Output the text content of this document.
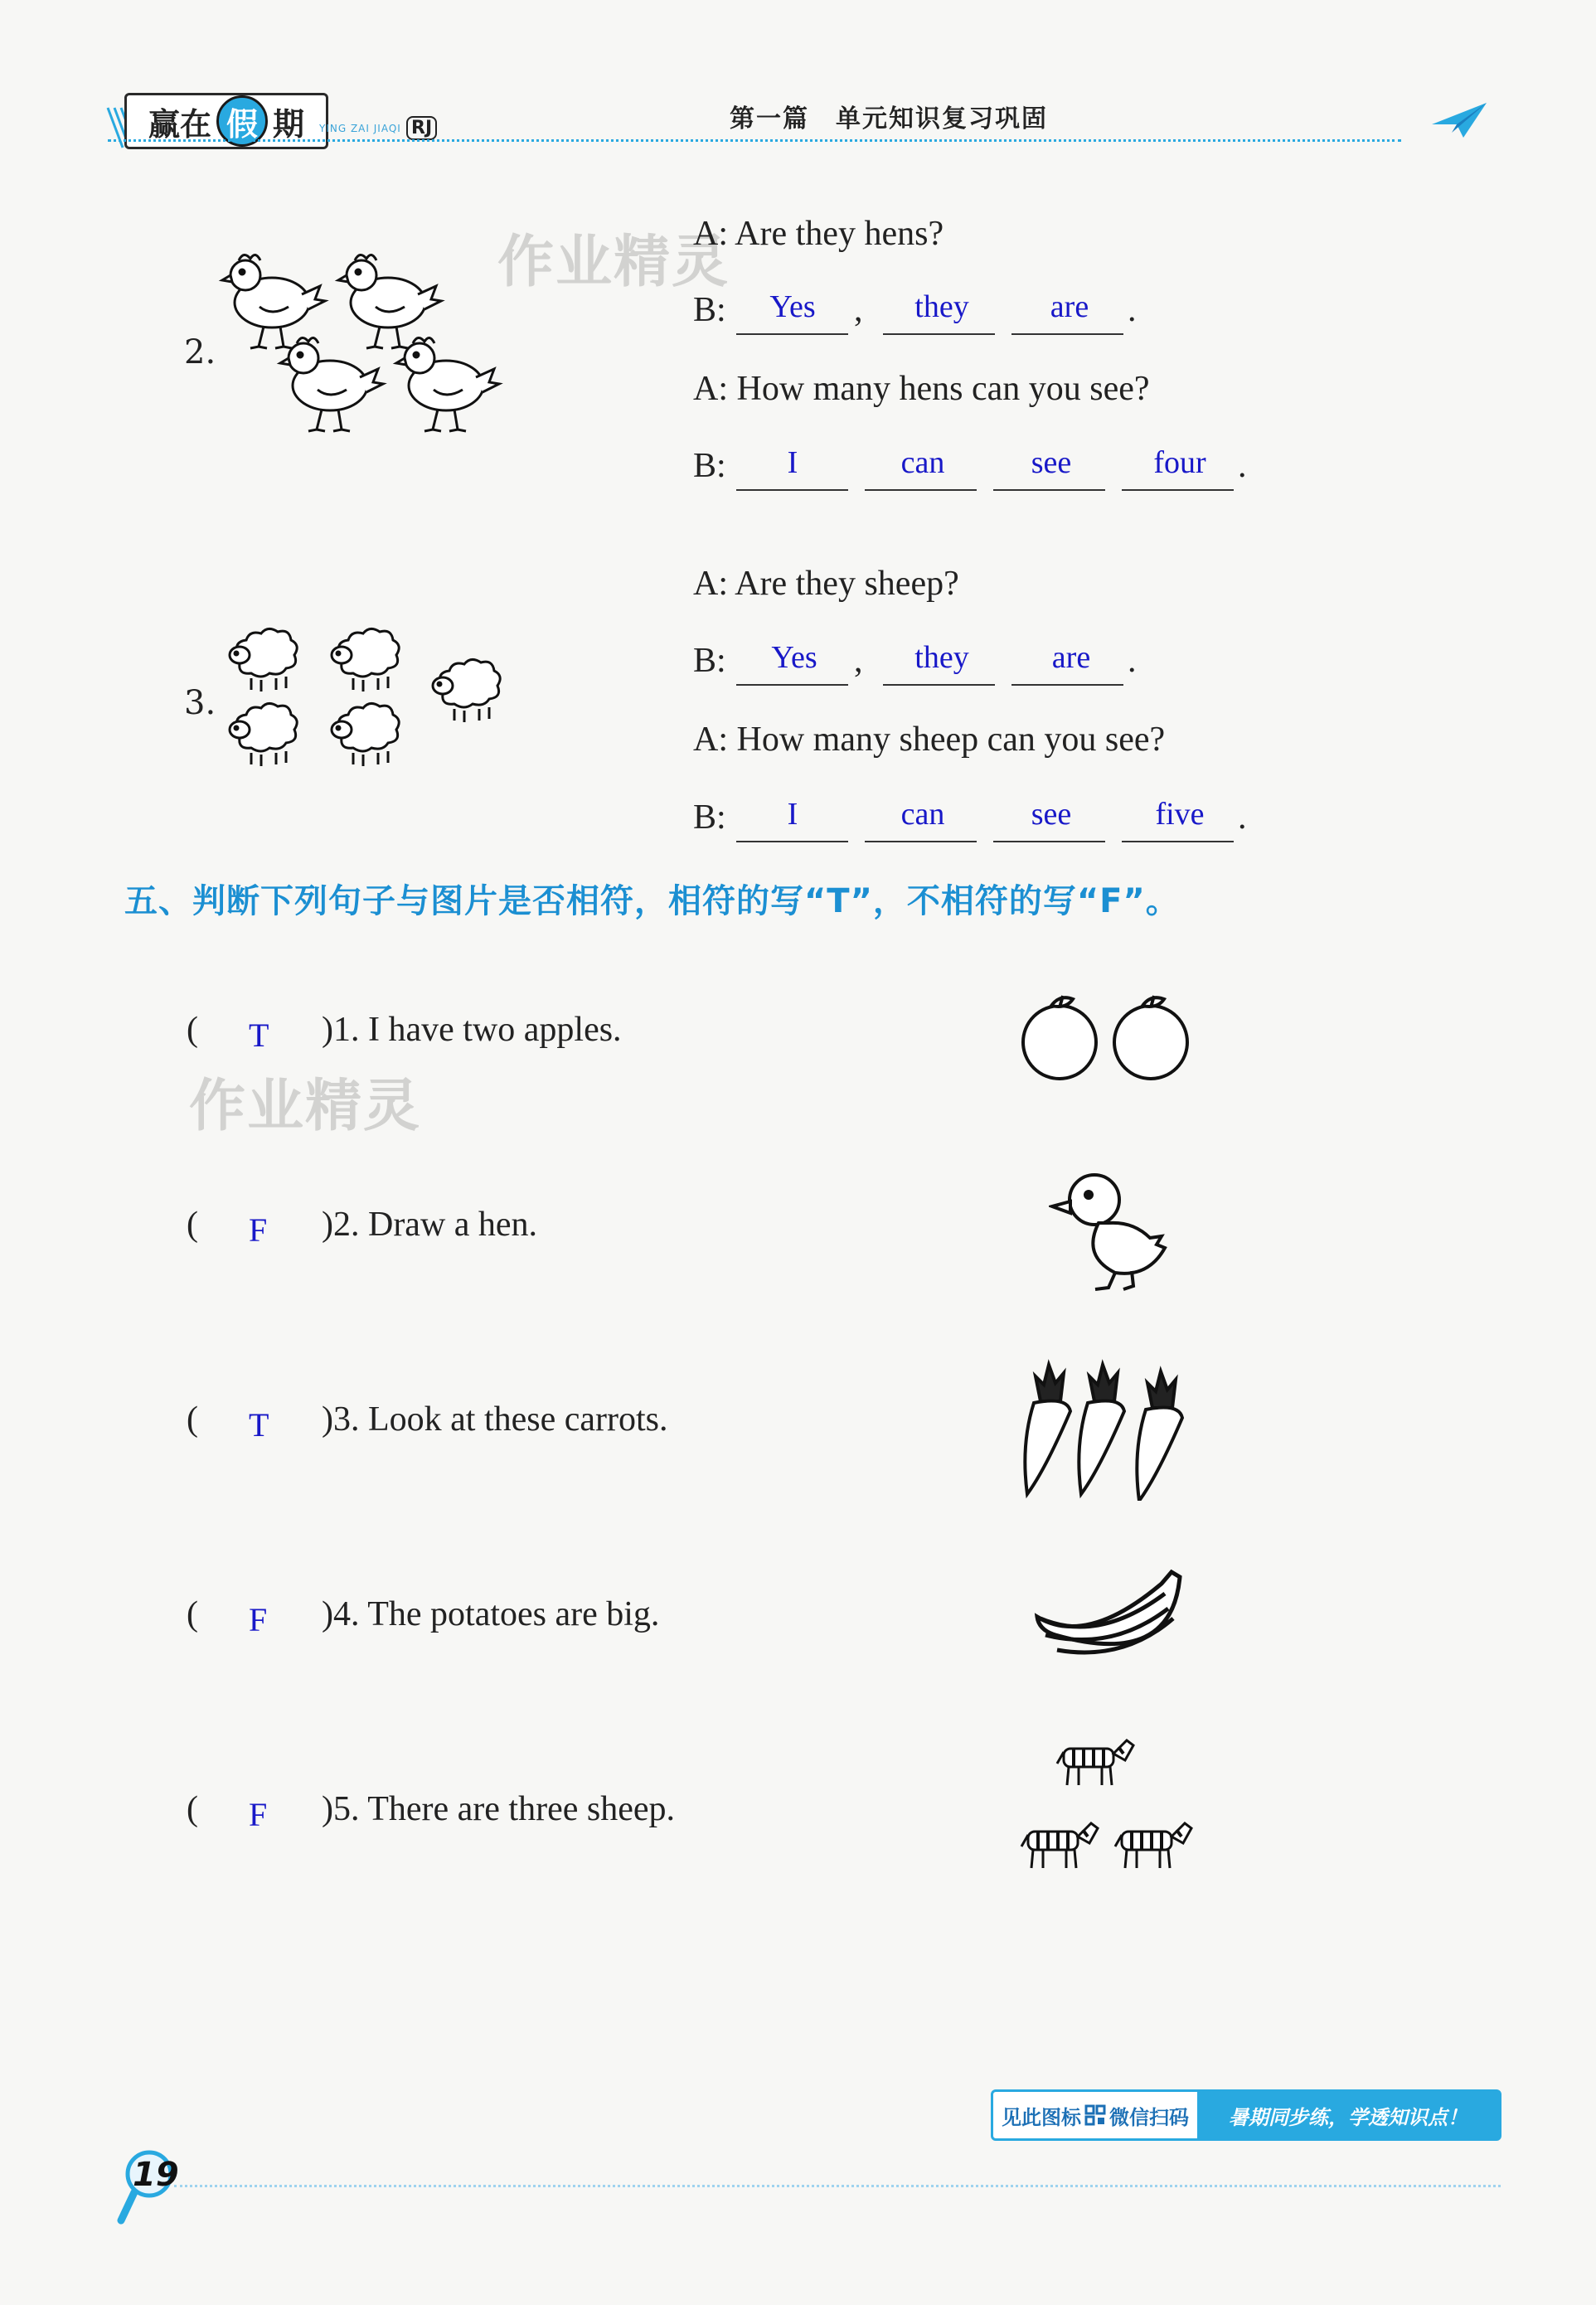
赢在 假 期 YING ZAI JIAQI RJ	第一篇　单元知识复习巩固
作业精灵
作业精灵
2.
A: Are they hens?
B:	Yes	,	they	are	.
A: How many hens can you see?
B:	I	can	see	four .
3.
A: Are they sheep?
B:	Yes	,	they	are	.
A: How many sheep can you see?
B:	I	can	see	five .
五、判断下列句子与图片是否相符，相符的写“T”，不相符的写“F”。
( T )1. I have two apples.
( F )2. Draw a hen.
( T )3. Look at these carrots.
( F )4. The potatoes are big.
( F )5. There are three sheep.
见此图标 微信扫码	暑期同步练，学透知识点！
19
